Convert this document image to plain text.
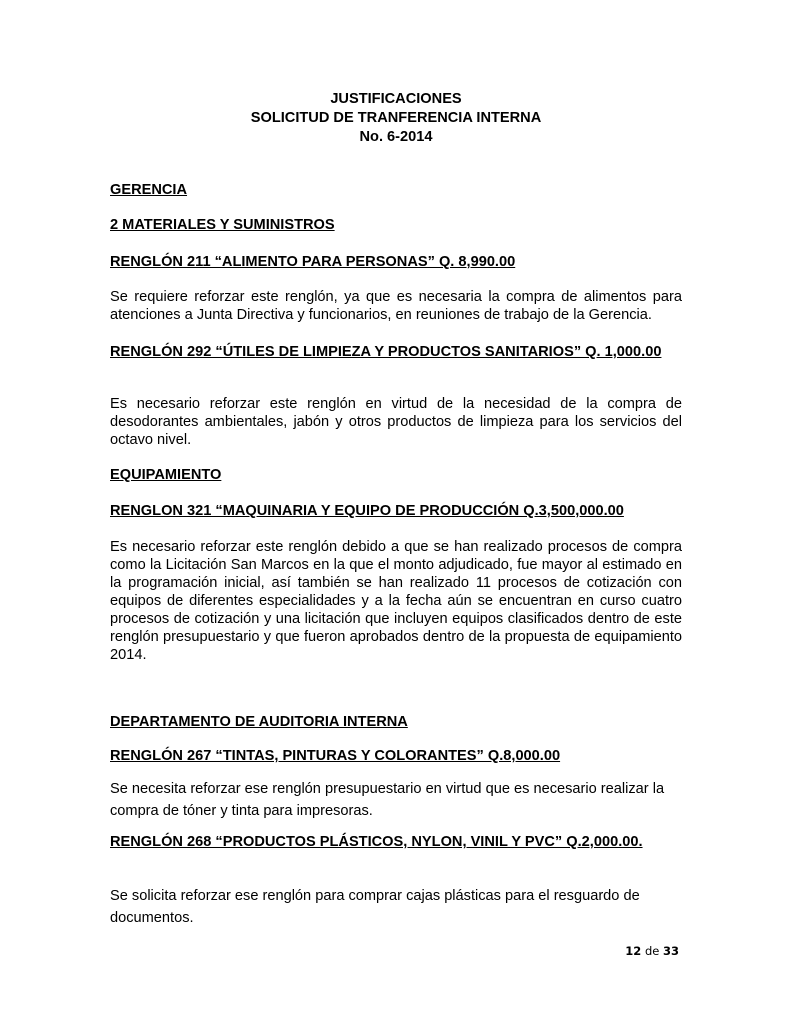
JUSTIFICACIONES
SOLICITUD DE TRANFERENCIA INTERNA
No. 6-2014
GERENCIA
2 MATERIALES Y SUMINISTROS
RENGLÓN 211 “ALIMENTO PARA PERSONAS” Q. 8,990.00
Se requiere reforzar este renglón, ya que es necesaria la compra de alimentos para atenciones a Junta Directiva y funcionarios, en reuniones de trabajo de la Gerencia.
RENGLÓN 292 “ÚTILES DE LIMPIEZA Y PRODUCTOS SANITARIOS” Q. 1,000.00
Es necesario reforzar este renglón en virtud de la necesidad de la compra de desodorantes ambientales, jabón y otros productos de limpieza para los servicios del octavo nivel.
EQUIPAMIENTO
RENGLON 321 “MAQUINARIA Y EQUIPO DE PRODUCCIÓN Q.3,500,000.00
Es necesario reforzar este renglón debido a que se han realizado procesos de compra como la Licitación San Marcos en la que el monto adjudicado, fue mayor al estimado en la programación inicial, así también se han realizado 11 procesos de cotización con equipos de diferentes especialidades y a la fecha aún se encuentran en curso cuatro procesos de cotización y una licitación que incluyen equipos clasificados dentro de este renglón presupuestario y que fueron aprobados dentro de la propuesta de equipamiento 2014.
DEPARTAMENTO DE AUDITORIA INTERNA
RENGLÓN 267 “TINTAS, PINTURAS Y COLORANTES” Q.8,000.00
Se necesita reforzar ese renglón presupuestario en virtud que es necesario realizar la compra de tóner y tinta para impresoras.
RENGLÓN 268 “PRODUCTOS PLÁSTICOS, NYLON, VINIL Y PVC” Q.2,000.00.
Se solicita reforzar ese renglón para comprar cajas plásticas para el resguardo de documentos.
12 de 33
